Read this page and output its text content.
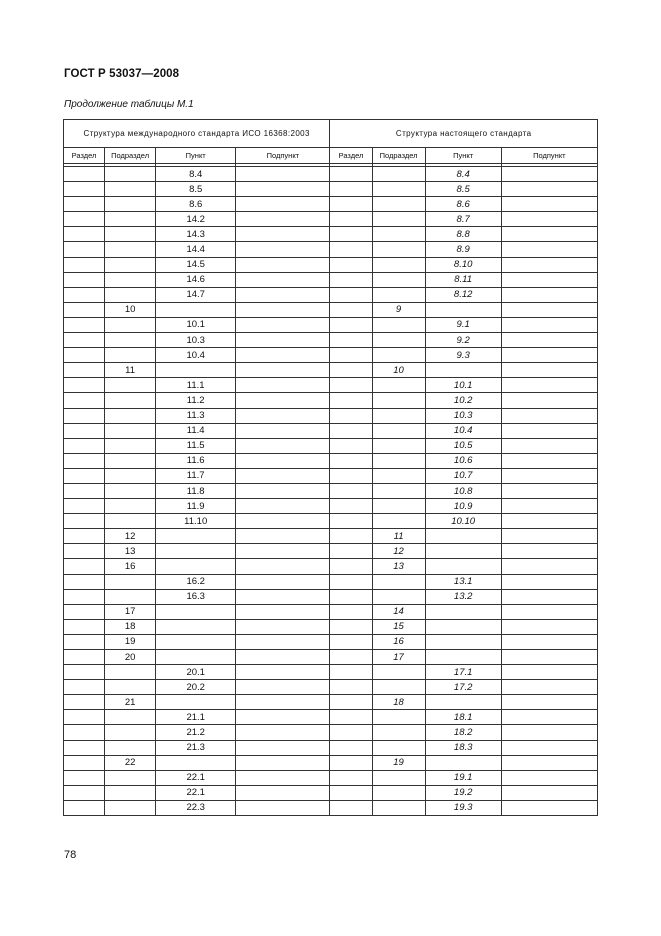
ГОСТ Р 53037—2008
Продолжение таблицы М.1
Структура международного стандарта ИСО 16368:2003				Структура настоящего стандарта			
Раздел	Подраздел	Пункт	Подпункт	Раздел	Подраздел	Пункт	Подпункт

		8.4				8.4	
		8.5				8.5	
		8.6				8.6	
		14.2				8.7	
		14.3				8.8	
		14.4				8.9	
		14.5				8.10	
		14.6				8.11	
		14.7				8.12	
	10				9		
		10.1				9.1	
		10.3				9.2	
		10.4				9.3	
	11				10		
		11.1				10.1	
		11.2				10.2	
		11.3				10.3	
		11.4				10.4	
		11.5				10.5	
		11.6				10.6	
		11.7				10.7	
		11.8				10.8	
		11.9				10.9	
		11.10				10.10	
	12				11		
	13				12		
	16				13		
		16.2				13.1	
		16.3				13.2	
	17				14		
	18				15		
	19				16		
	20				17		
		20.1				17.1	
		20.2				17.2	
	21				18		
		21.1				18.1	
		21.2				18.2	
		21.3				18.3	
	22				19		
		22.1				19.1	
		22.1				19.2	
		22.3				19.3	
78
